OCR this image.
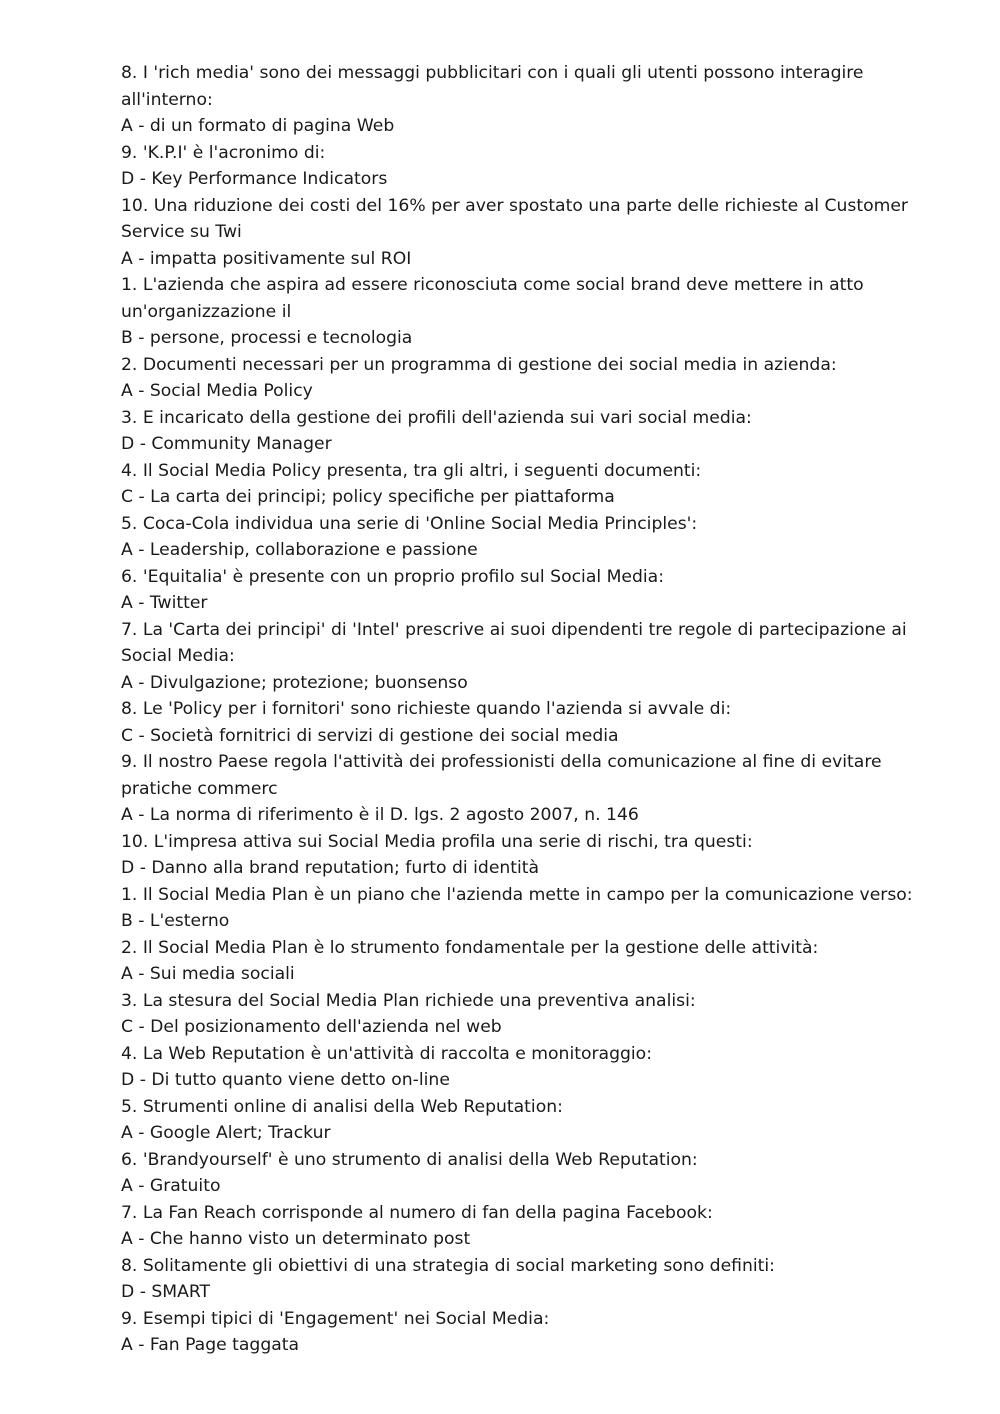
8. I 'rich media' sono dei messaggi pubblicitari con i quali gli utenti possono interagire all'interno:

A - di un formato di pagina Web

9. 'K.P.I' è l'acronimo di:

D - Key Performance Indicators

10. Una riduzione dei costi del 16% per aver spostato una parte delle richieste al Customer Service su Twi

A - impatta positivamente sul ROI

1. L'azienda che aspira ad essere riconosciuta come social brand deve mettere in atto un'organizzazione il

B - persone, processi e tecnologia

2. Documenti necessari per un programma di gestione dei social media in azienda:

A - Social Media Policy

3. E incaricato della gestione dei profili dell'azienda sui vari social media:

D - Community Manager

4. Il Social Media Policy presenta, tra gli altri, i seguenti documenti:

C - La carta dei principi; policy specifiche per piattaforma

5. Coca-Cola individua una serie di 'Online Social Media Principles':

A - Leadership, collaborazione e passione

6. 'Equitalia' è presente con un proprio profilo sul Social Media:

A - Twitter

7. La 'Carta dei principi' di 'Intel' prescrive ai suoi dipendenti tre regole di partecipazione ai Social Media:

A - Divulgazione; protezione; buonsenso

8. Le 'Policy per i fornitori' sono richieste quando l'azienda si avvale di:

C - Società fornitrici di servizi di gestione dei social media

9. Il nostro Paese regola l'attività dei professionisti della comunicazione al fine di evitare pratiche commerc

A - La norma di riferimento è il D. lgs. 2 agosto 2007, n. 146

10. L'impresa attiva sui Social Media profila una serie di rischi, tra questi:

D - Danno alla brand reputation; furto di identità

1. Il Social Media Plan è un piano che l'azienda mette in campo per la comunicazione verso:

B - L'esterno

2. Il Social Media Plan è lo strumento fondamentale per la gestione delle attività:

A - Sui media sociali

3. La stesura del Social Media Plan richiede una preventiva analisi:

C - Del posizionamento dell'azienda nel web

4. La Web Reputation è un'attività di raccolta e monitoraggio:

D - Di tutto quanto viene detto on-line

5. Strumenti online di analisi della Web Reputation:

A - Google Alert; Trackur

6. 'Brandyourself' è uno strumento di analisi della Web Reputation:

A - Gratuito

7. La Fan Reach corrisponde al numero di fan della pagina Facebook:

A - Che hanno visto un determinato post

8. Solitamente gli obiettivi di una strategia di social marketing sono definiti:

D - SMART

9. Esempi tipici di 'Engagement' nei Social Media:

A - Fan Page taggata
